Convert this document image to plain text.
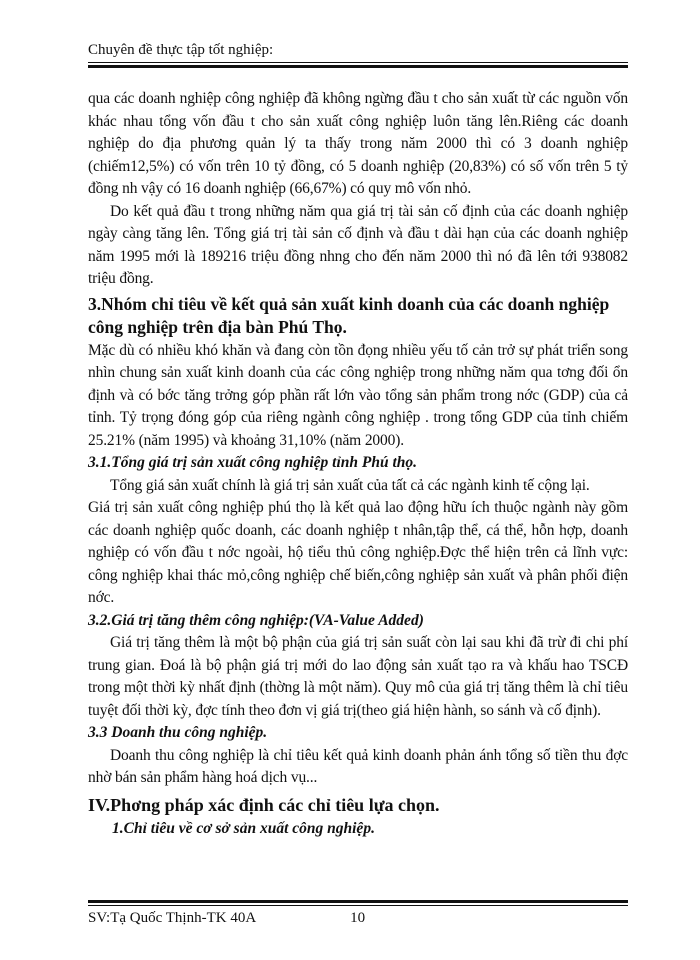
Chuyên đề thực tập tốt nghiệp:

qua các doanh nghiệp công nghiệp đã không ngừng đầu t cho sản xuất từ các nguồn vốn khác nhau tổng vốn đầu t cho sản xuất công nghiệp luôn tăng lên.Riêng các doanh nghiệp do địa phương quản lý ta thấy trong năm 2000 thì có 3 doanh nghiệp (chiếm12,5%) có vốn trên 10 tỷ đồng, có 5 doanh nghiệp (20,83%) có số vốn trên 5 tỷ đồng nh vậy có 16 doanh nghiệp (66,67%) có quy mô vốn nhỏ.

Do kết quả đầu t trong những năm qua giá trị tài sản cố định của các doanh nghiệp ngày càng tăng lên. Tổng giá trị tài sản cố định và đầu t dài hạn của các doanh nghiệp năm 1995 mới là 189216 triệu đồng nhng cho đến năm 2000 thì nó đã lên tới 938082 triệu đồng.

3.Nhóm chỉ tiêu về kết quả sản xuất kinh doanh của các doanh nghiệp công nghiệp trên địa bàn Phú Thọ.

Mặc dù có nhiều khó khăn và đang còn tồn đọng nhiều yếu tố cản trở sự phát triển song nhìn chung sản xuất kinh doanh của các công nghiệp trong những năm qua tơng đối ổn định và có bớc tăng trởng góp phần rất lớn vào tổng sản phẩm trong nớc (GDP) của cả tỉnh. Tỷ trọng đóng góp của riêng ngành công nghiệp . trong tổng GDP của tỉnh chiếm 25.21% (năm 1995) và khoảng 31,10% (năm 2000).

3.1.Tổng giá trị sản xuất công nghiệp tỉnh Phú thọ.

Tổng giá sản xuất chính là giá trị sản xuất của tất cả các ngành kinh tế cộng lại.

Giá trị sản xuất công nghiệp phú thọ là kết quả lao động hữu ích thuộc ngành này gồm các doanh nghiệp quốc doanh, các doanh nghiệp t nhân,tập thể, cá thể, hỗn hợp, doanh nghiệp có vốn đầu t nớc ngoài, hộ tiểu thủ công nghiệp.Đợc thể hiện trên cả lĩnh vực: công nghiệp khai thác mỏ,công nghiệp chế biến,công nghiệp sản xuất và phân phối điện nớc.

3.2.Giá trị tăng thêm công nghiệp:(VA-Value Added)

Giá trị tăng thêm là một bộ phận của giá trị sản suất còn lại sau khi đã trừ đi chi phí trung gian. Đoá là bộ phận giá trị mới do lao động sản xuất tạo ra và khấu hao TSCĐ trong một thời kỳ nhất định (thờng là một năm). Quy mô của giá trị tăng thêm là chỉ tiêu tuyệt đối thời kỳ, đợc tính theo đơn vị giá trị(theo giá hiện hành, so sánh và cố định).

3.3 Doanh thu công nghiệp.

Doanh thu công nghiệp là chỉ tiêu kết quả kinh doanh phản ánh tổng số tiền thu đợc nhờ bán sản phẩm hàng hoá dịch vụ...

IV.Phơng pháp xác định các chỉ tiêu lựa chọn.

1.Chỉ tiêu về cơ sở sản xuất công nghiệp.

SV:Tạ Quốc Thịnh-TK 40A	10
